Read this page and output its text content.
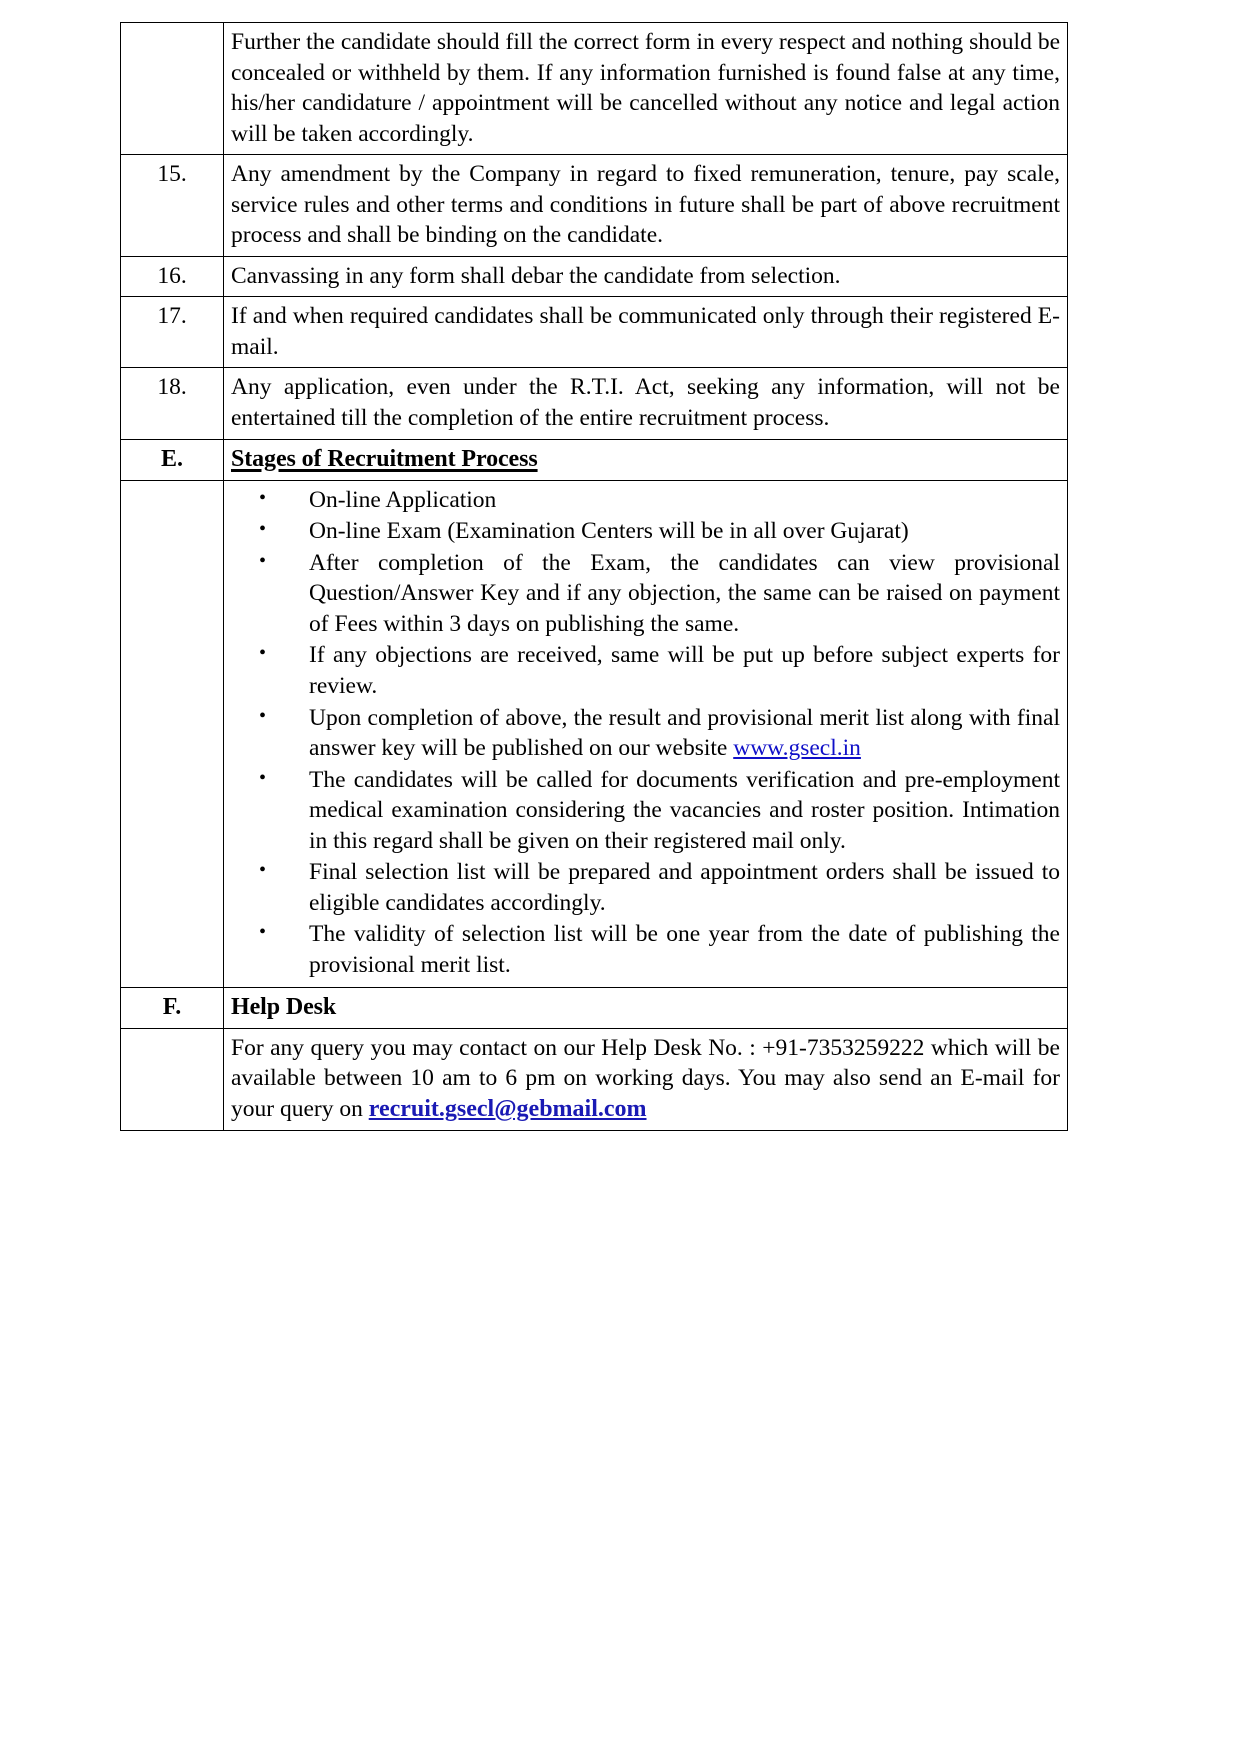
	Further the candidate should fill the correct form in every respect and nothing should be concealed or withheld by them. If any information furnished is found false at any time, his/her candidature / appointment will be cancelled without any notice and legal action will be taken accordingly.
15.	Any amendment by the Company in regard to fixed remuneration, tenure, pay scale, service rules and other terms and conditions in future shall be part of above recruitment process and shall be binding on the candidate.
16.	Canvassing in any form shall debar the candidate from selection.
17.	If and when required candidates shall be communicated only through their registered E-mail.
18.	Any application, even under the R.T.I. Act, seeking any information, will not be entertained till the completion of the entire recruitment process.
E.	Stages of Recruitment Process

• On-line Application
• On-line Exam (Examination Centers will be in all over Gujarat)
• After completion of the Exam, the candidates can view provisional Question/Answer Key and if any objection, the same can be raised on payment of Fees within 3 days on publishing the same.
• If any objections are received, same will be put up before subject experts for review.
• Upon completion of above, the result and provisional merit list along with final answer key will be published on our website www.gsecl.in
• The candidates will be called for documents verification and pre-employment medical examination considering the vacancies and roster position. Intimation in this regard shall be given on their registered mail only.
• Final selection list will be prepared and appointment orders shall be issued to eligible candidates accordingly.
• The validity of selection list will be one year from the date of publishing the provisional merit list.

F.	Help Desk
	For any query you may contact on our Help Desk No. : +91-7353259222 which will be available between 10 am to 6 pm on working days. You may also send an E-mail for your query on recruit.gsecl@gebmail.com
